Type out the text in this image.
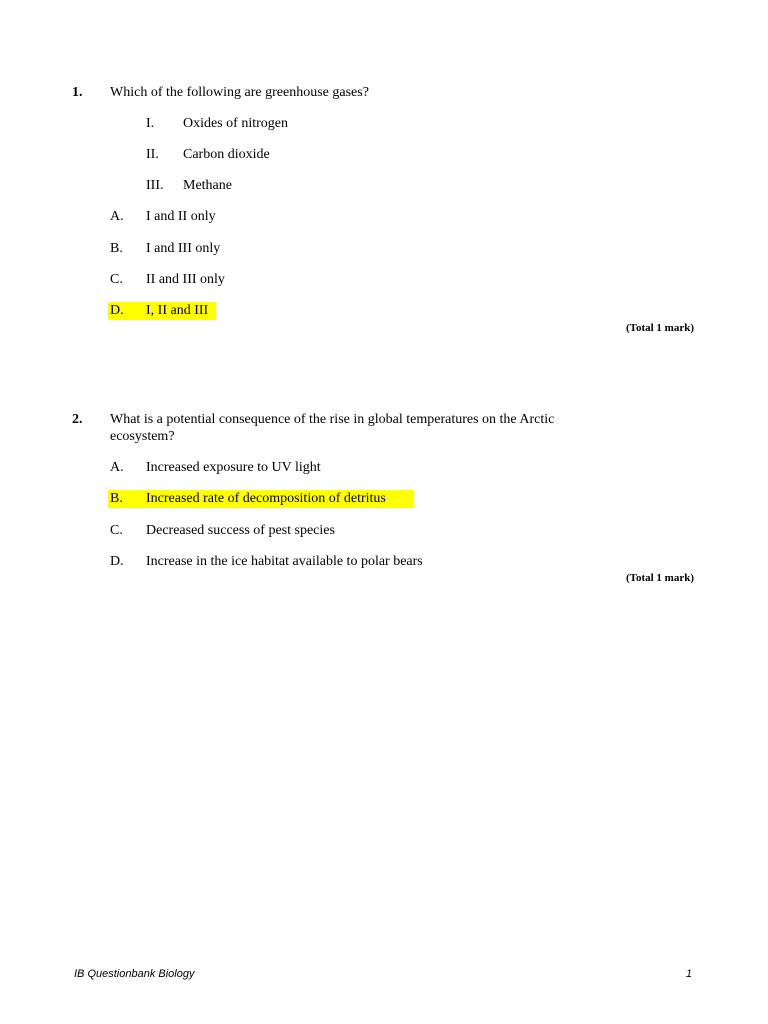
1. Which of the following are greenhouse gases?
I. Oxides of nitrogen
II. Carbon dioxide
III. Methane
A. I and II only
B. I and III only
C. II and III only
D. I, II and III
(Total 1 mark)
2. What is a potential consequence of the rise in global temperatures on the Arctic ecosystem?
A. Increased exposure to UV light
B. Increased rate of decomposition of detritus
C. Decreased success of pest species
D. Increase in the ice habitat available to polar bears
(Total 1 mark)
IB Questionbank Biology	1
